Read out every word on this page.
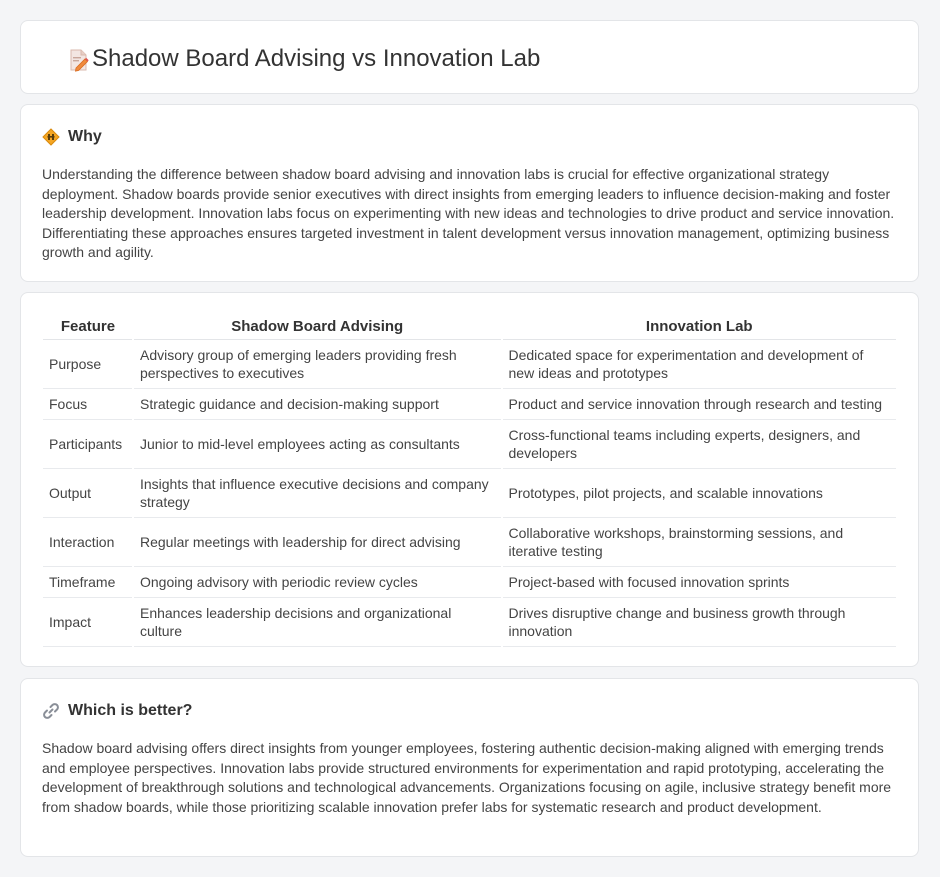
Shadow Board Advising vs Innovation Lab
Why
Understanding the difference between shadow board advising and innovation labs is crucial for effective organizational strategy deployment. Shadow boards provide senior executives with direct insights from emerging leaders to influence decision-making and foster leadership development. Innovation labs focus on experimenting with new ideas and technologies to drive product and service innovation. Differentiating these approaches ensures targeted investment in talent development versus innovation management, optimizing business growth and agility.
Feature	Shadow Board Advising	Innovation Lab
Purpose	Advisory group of emerging leaders providing fresh perspectives to executives	Dedicated space for experimentation and development of new ideas and prototypes
Focus	Strategic guidance and decision-making support	Product and service innovation through research and testing
Participants	Junior to mid-level employees acting as consultants	Cross-functional teams including experts, designers, and developers
Output	Insights that influence executive decisions and company strategy	Prototypes, pilot projects, and scalable innovations
Interaction	Regular meetings with leadership for direct advising	Collaborative workshops, brainstorming sessions, and iterative testing
Timeframe	Ongoing advisory with periodic review cycles	Project-based with focused innovation sprints
Impact	Enhances leadership decisions and organizational culture	Drives disruptive change and business growth through innovation
Which is better?
Shadow board advising offers direct insights from younger employees, fostering authentic decision-making aligned with emerging trends and employee perspectives. Innovation labs provide structured environments for experimentation and rapid prototyping, accelerating the development of breakthrough solutions and technological advancements. Organizations focusing on agile, inclusive strategy benefit more from shadow boards, while those prioritizing scalable innovation prefer labs for systematic research and product development.
